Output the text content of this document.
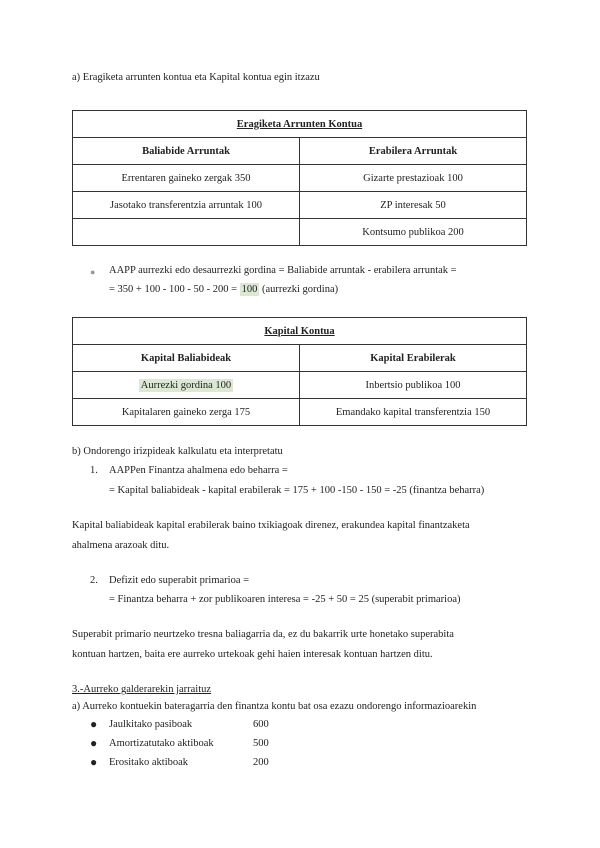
a) Eragiketa arrunten kontua eta Kapital kontua egin itzazu
Eragiketa Arrunten Kontua	
Baliabide Arruntak	Erabilera Arruntak
Errentaren gaineko zergak 350	Gizarte prestazioak 100
Jasotako transferentzia arruntak 100	ZP interesak 50
	Kontsumo publikoa 200
● AAPP aurrezki edo desaurrezki gordina = Baliabide arruntak - erabilera arruntak =
= 350 + 100 - 100 - 50 - 200 = 100 (aurrezki gordina)
Kapital Kontua	
Kapital Baliabideak	Kapital Erabilerak
Aurrezki gordina 100	Inbertsio publikoa 100
Kapitalaren gaineko zerga 175	Emandako kapital transferentzia 150
b) Ondorengo irizpideak kalkulatu eta interpretatu
1. AAPPen Finantza ahalmena edo beharra =
= Kapital baliabideak - kapital erabilerak = 175 + 100 -150 - 150 = -25 (finantza beharra)
Kapital baliabideak kapital erabilerak baino txikiagoak direnez, erakundea kapital finantzaketa
ahalmena arazoak ditu.
2. Defizit edo superabit primarioa =
= Finantza beharra + zor publikoaren interesa = -25 + 50 = 25 (superabit primarioa)
Superabit primario neurtzeko tresna baliagarria da, ez du bakarrik urte honetako superabita
kontuan hartzen, baita ere aurreko urtekoak gehi haien interesak kontuan hartzen ditu.
3.-Aurreko galderarekin jarraituz
a) Aurreko kontuekin bateragarria den finantza kontu bat osa ezazu ondorengo informazioarekin
● Jaulkitako pasiboak	600
● Amortizatutako aktiboak	500
● Erositako aktiboak	200
